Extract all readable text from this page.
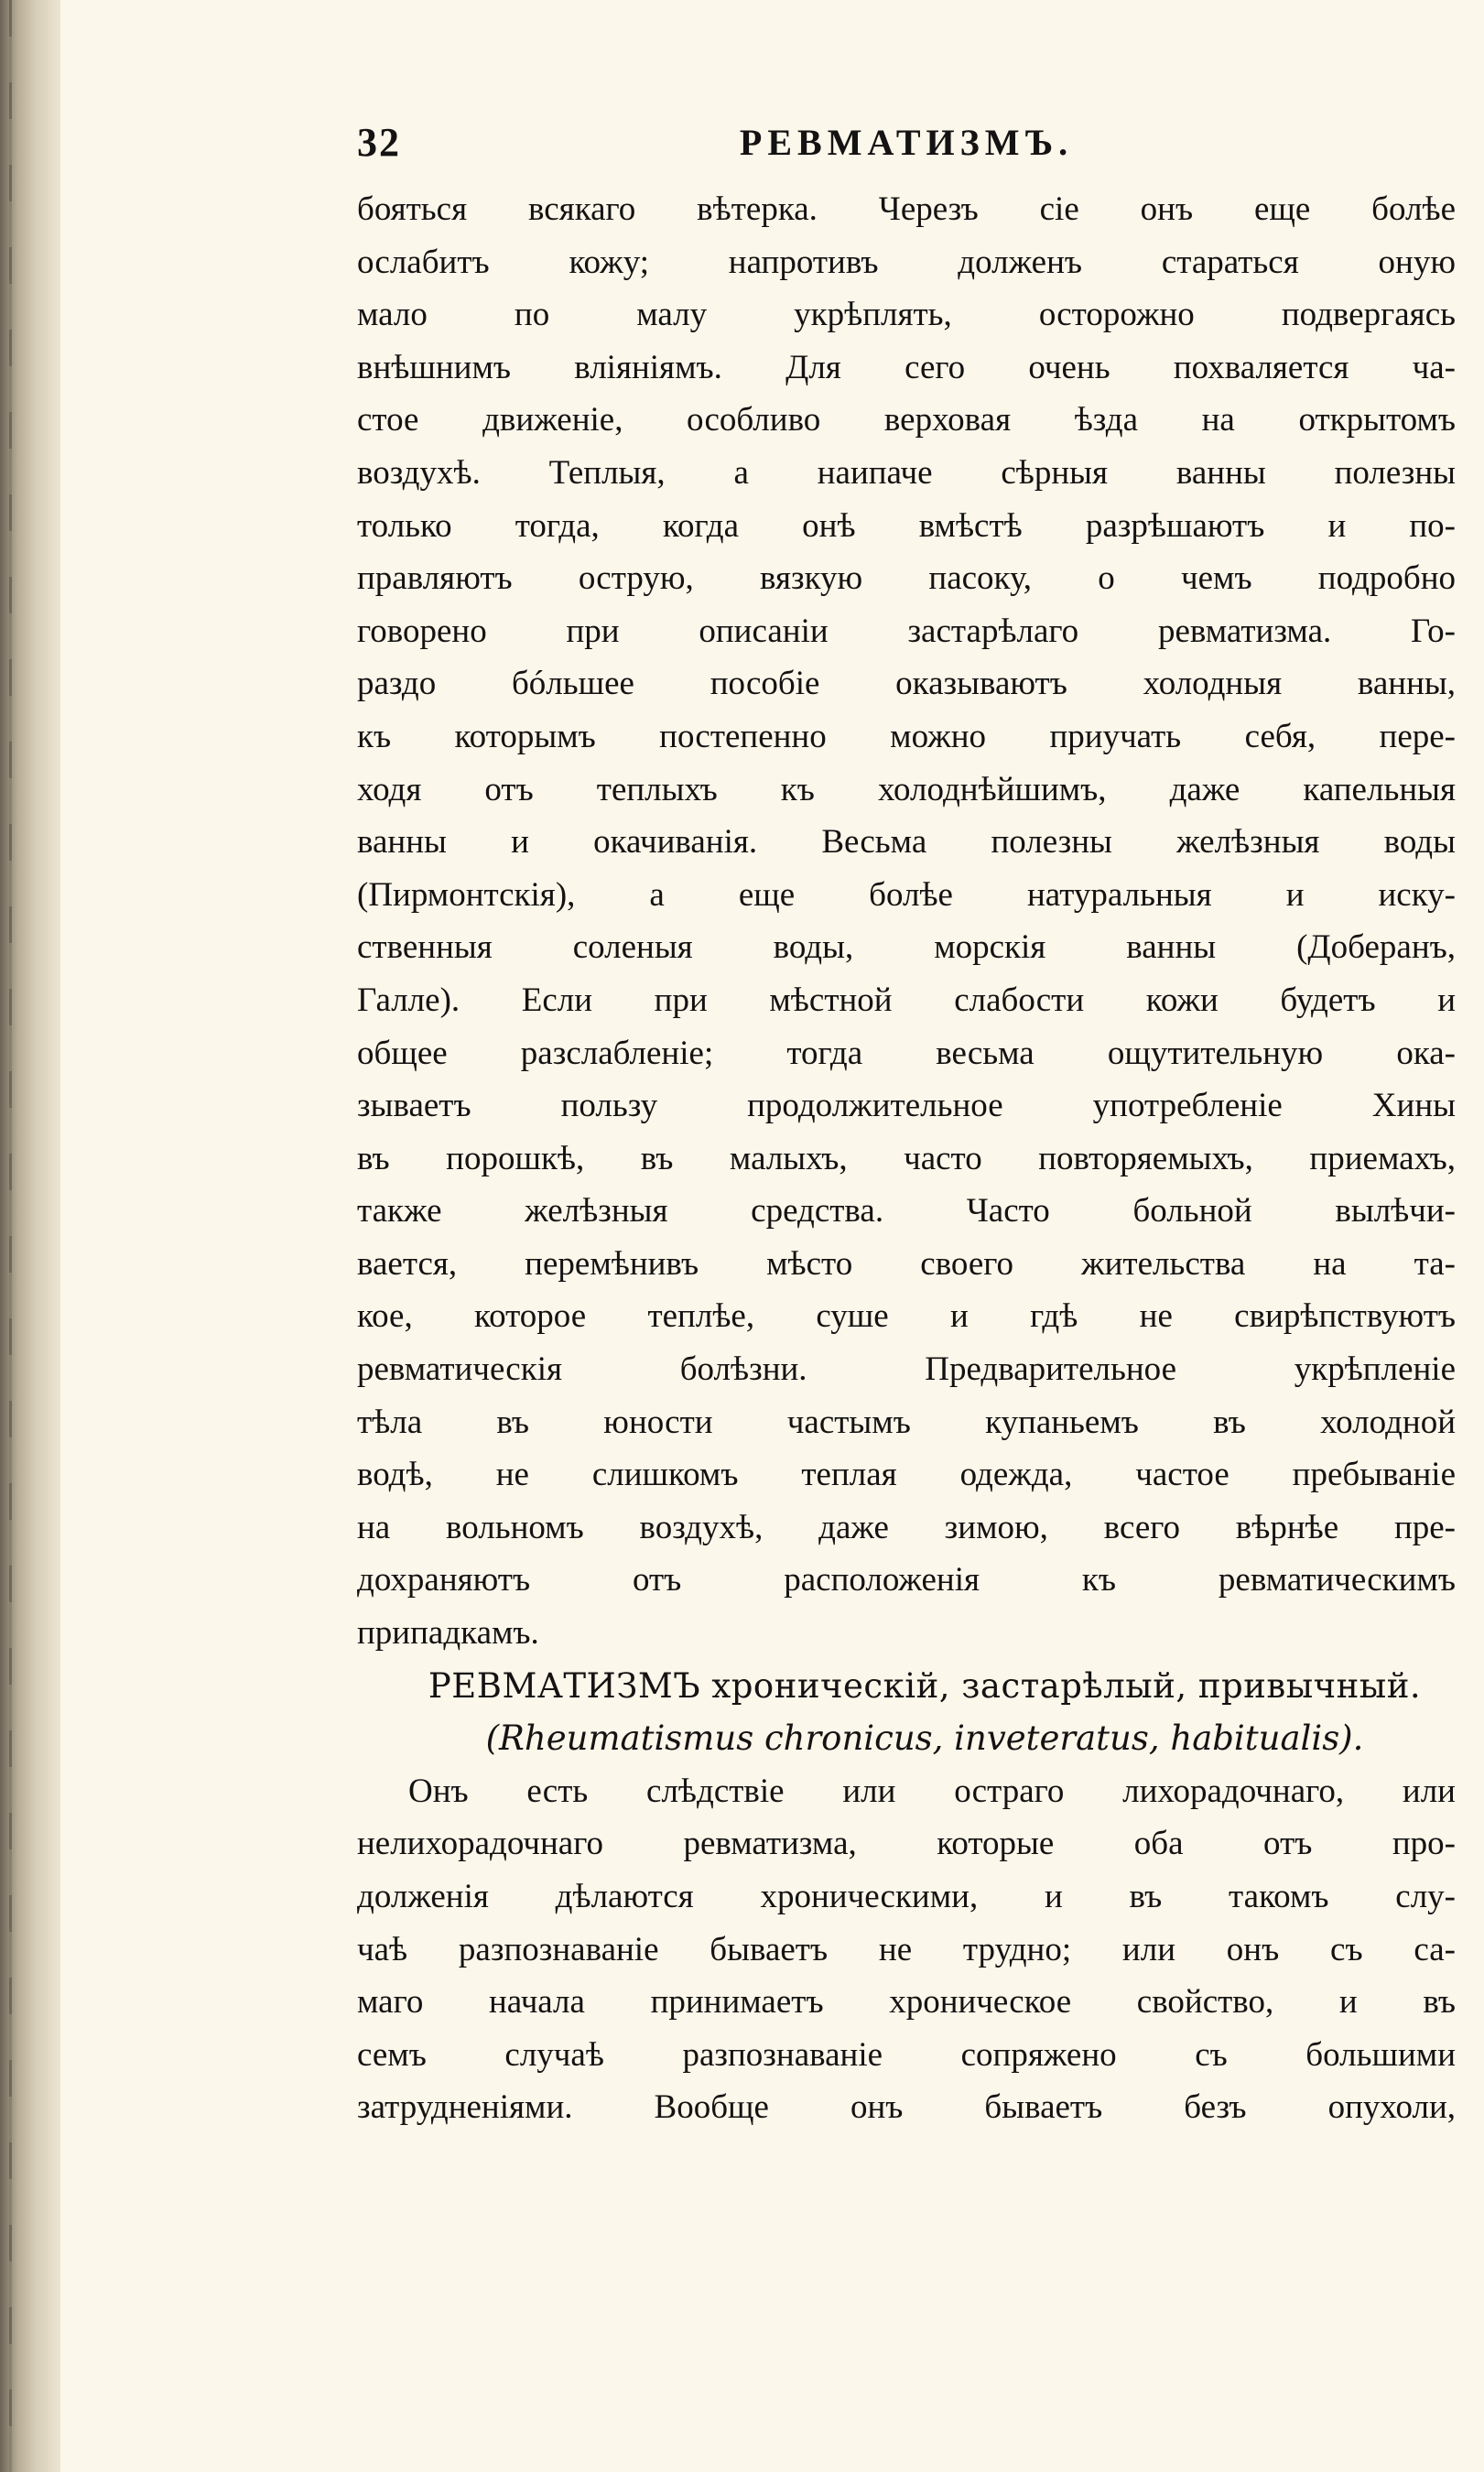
32	РЕВМАТИЗМЪ.
бояться всякаго вѣтерка. Черезъ сiе онъ еще болѣе
ослабитъ кожу; напротивъ долженъ стараться оную
мало по малу укрѣплять, осторожно подвергаясь
внѣшнимъ влiянiямъ. Для сего очень похваляется ча-
стое движенiе, особливо верховая ѣзда на открытомъ
воздухѣ. Теплыя, а наипаче сѣрныя ванны полезны
только тогда, когда онѣ вмѣстѣ разрѣшаютъ и по-
правляютъ острую, вязкую пасоку, о чемъ подробно
говорено при описанiи застарѣлаго ревматизма. Го-
раздо бóльшее пособiе оказываютъ холодныя ванны,
къ которымъ постепенно можно приучать себя, пере-
ходя отъ теплыхъ къ холоднѣйшимъ, даже капельныя
ванны и окачиванiя. Весьма полезны желѣзныя воды
(Пирмонтскiя), а еще болѣе натуральныя и иску-
ственныя соленыя воды, морскiя ванны (Доберанъ,
Галле). Если при мѣстной слабости кожи будетъ и
общее разслабленiе; тогда весьма ощутительную ока-
зываетъ пользу продолжительное употребленiе Хины
въ порошкѣ, въ малыхъ, часто повторяемыхъ, приемахъ,
также желѣзныя средства. Часто больной вылѣчи-
вается, перемѣнивъ мѣсто своего жительства на та-
кое, которое теплѣе, суше и гдѣ не свирѣпствуютъ
ревматическiя болѣзни. Предварительное укрѣпленiе
тѣла въ юности частымъ купаньемъ въ холодной
водѣ, не слишкомъ теплая одежда, частое пребыванiе
на вольномъ воздухѣ, даже зимою, всего вѣрнѣе пре-
дохраняютъ отъ расположенiя къ ревматическимъ
припадкамъ.
РЕВМАТИЗМЪ хроническiй, застарѣлый, привычный.
(Rheumatismus chronicus, inveteratus, habitualis).
Онъ есть слѣдствiе или остраго лихорадочнаго, или
нелихорадочнаго ревматизма, которые оба отъ про-
долженiя дѣлаются хроническими, и въ такомъ слу-
чаѣ разпознаванiе бываетъ не трудно; или онъ съ са-
маго начала принимаетъ хроническое свойство, и въ
семъ случаѣ разпознаванiе сопряжено съ большими
затрудненiями. Вообще онъ бываетъ безъ опухоли,
